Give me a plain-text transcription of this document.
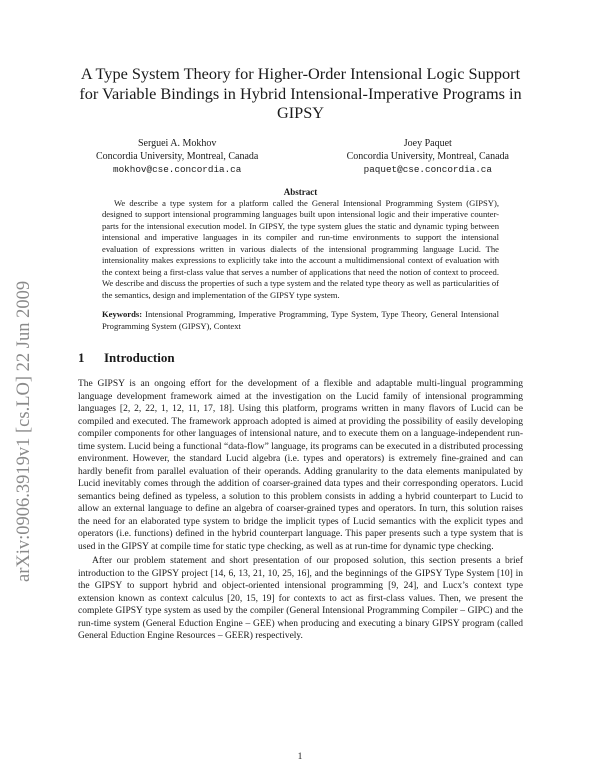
arXiv:0906.3919v1 [cs.LO] 22 Jun 2009
A Type System Theory for Higher-Order Intensional Logic Support for Variable Bindings in Hybrid Intensional-Imperative Programs in GIPSY
Serguei A. Mokhov
Concordia University, Montreal, Canada
mokhov@cse.concordia.ca
Joey Paquet
Concordia University, Montreal, Canada
paquet@cse.concordia.ca
Abstract

We describe a type system for a platform called the General Intensional Programming System (GIPSY), designed to support intensional programming languages built upon intensional logic and their imperative counter-parts for the intensional execution model. In GIPSY, the type system glues the static and dynamic typing between intensional and imperative languages in its compiler and run-time environments to support the intensional evaluation of expressions written in various dialects of the intensional programming language Lucid. The intensionality makes expressions to explicitly take into the account a multidimensional context of evaluation with the context being a first-class value that serves a number of applications that need the notion of context to proceed. We describe and discuss the properties of such a type system and the related type theory as well as particularities of the semantics, design and implementation of the GIPSY type system.

Keywords: Intensional Programming, Imperative Programming, Type System, Type Theory, General Intensional Programming System (GIPSY), Context

1 Introduction

The GIPSY is an ongoing effort for the development of a flexible and adaptable multi-lingual programming language development framework aimed at the investigation on the Lucid family of intensional programming languages [2, 2, 22, 1, 12, 11, 17, 18]. Using this platform, programs written in many flavors of Lucid can be compiled and executed. The framework approach adopted is aimed at providing the possibility of easily developing compiler components for other languages of intensional nature, and to execute them on a language-independent run-time system. Lucid being a functional “data-flow” language, its programs can be executed in a distributed processing environment. However, the standard Lucid algebra (i.e. types and operators) is extremely fine-grained and can hardly benefit from parallel evaluation of their operands. Adding granularity to the data elements manipulated by Lucid inevitably comes through the addition of coarser-grained data types and their corresponding operators. Lucid semantics being defined as typeless, a solution to this problem consists in adding a hybrid counterpart to Lucid to allow an external language to define an algebra of coarser-grained types and operators. In turn, this solution raises the need for an elaborated type system to bridge the implicit types of Lucid semantics with the explicit types and operators (i.e. functions) defined in the hybrid counterpart language. This paper presents such a type system that is used in the GIPSY at compile time for static type checking, as well as at run-time for dynamic type checking.

After our problem statement and short presentation of our proposed solution, this section presents a brief introduction to the GIPSY project [14, 6, 13, 21, 10, 25, 16], and the beginnings of the GIPSY Type System [10] in the GIPSY to support hybrid and object-oriented intensional programming [9, 24], and Lucx’s context type extension known as context calculus [20, 15, 19] for contexts to act as first-class values. Then, we present the complete GIPSY type system as used by the compiler (General Intensional Programming Compiler – GIPC) and the run-time system (General Eduction Engine – GEE) when producing and executing a binary GIPSY program (called General Eduction Engine Resources – GEER) respectively.

1
